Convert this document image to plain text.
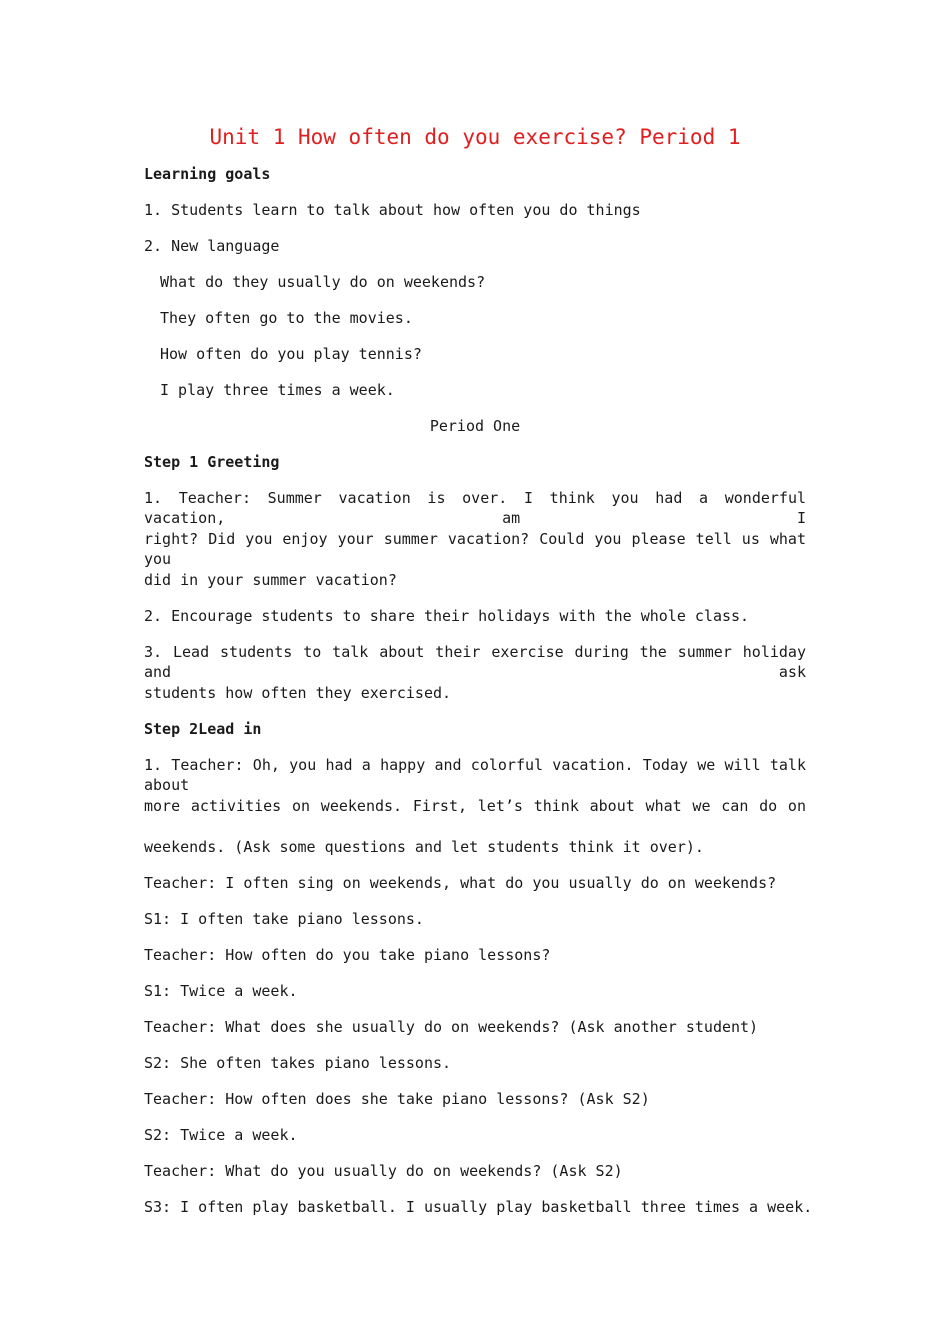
Unit 1 How often do you exercise? Period 1
Learning goals
1. Students learn to talk about how often you do things
2. New language
What do they usually do on weekends?
They often go to the movies.
How often do you play tennis?
I play three times a week.
Period One
Step 1 Greeting
1. Teacher: Summer vacation is over. I think you had a wonderful vacation, am I
right? Did you enjoy your summer vacation? Could you please tell us what you
did in your summer vacation?
2. Encourage students to share their holidays with the whole class.
3. Lead students to talk about their exercise during the summer holiday and ask
students how often they exercised.
Step 2Lead in
1. Teacher: Oh, you had a happy and colorful vacation. Today we will talk about
more activities on weekends. First, let’s think about what we can do on
weekends. (Ask some questions and let students think it over).
Teacher: I often sing on weekends, what do you usually do on weekends?
S1: I often take piano lessons.
Teacher: How often do you take piano lessons?
S1: Twice a week.
Teacher: What does she usually do on weekends? (Ask another student)
S2: She often takes piano lessons.
Teacher: How often does she take piano lessons? (Ask S2)
S2: Twice a week.
Teacher: What do you usually do on weekends? (Ask S2)
S3: I often play basketball. I usually play basketball three times a week.
